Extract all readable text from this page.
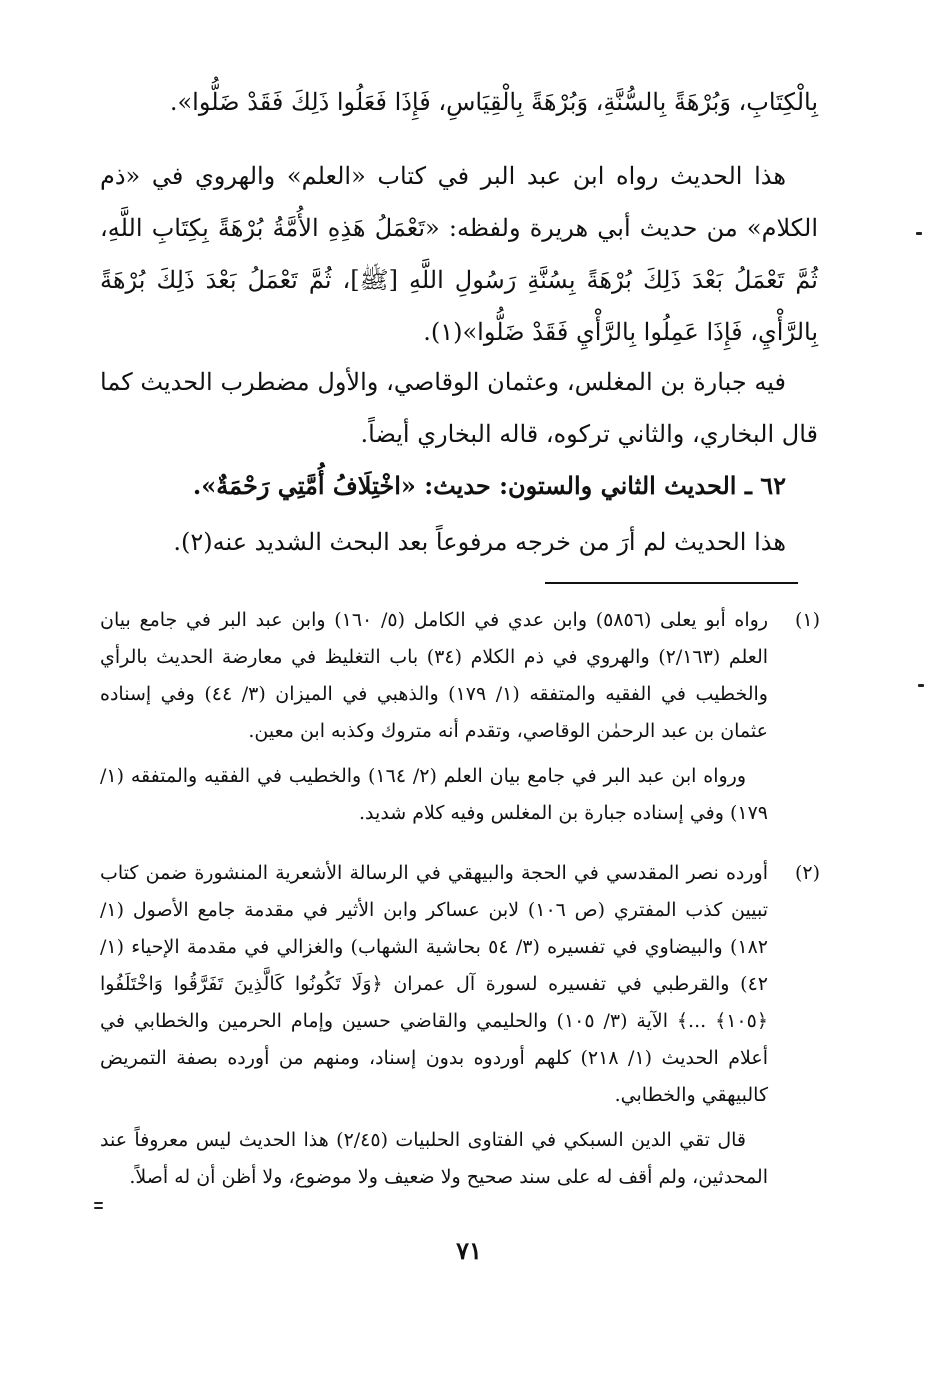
بِالْكِتَابِ، وَبُرْهَةً بِالسُّنَّةِ، وَبُرْهَةً بِالْقِيَاسِ، فَإِذَا فَعَلُوا ذَلِكَ فَقَدْ ضَلُّوا».

هذا الحديث رواه ابن عبد البر في كتاب «العلم» والهروي في «ذم الكلام» من حديث أبي هريرة ولفظه: «تَعْمَلُ هَذِهِ الأُمَّةُ بُرْهَةً بِكِتَابِ اللَّهِ، ثُمَّ تَعْمَلُ بَعْدَ ذَلِكَ بُرْهَةً بِسُنَّةِ رَسُولِ اللَّهِ [ﷺ]، ثُمَّ تَعْمَلُ بَعْدَ ذَلِكَ بُرْهَةً بِالرَّأْيِ، فَإِذَا عَمِلُوا بِالرَّأْيِ فَقَدْ ضَلُّوا»(١).

فيه جبارة بن المغلس، وعثمان الوقاصي، والأول مضطرب الحديث كما قال البخاري، والثاني تركوه، قاله البخاري أيضاً.

٦٢ ـ الحديث الثاني والستون: حديث: «اخْتِلَافُ أُمَّتِي رَحْمَةٌ».

هذا الحديث لم أرَ من خرجه مرفوعاً بعد البحث الشديد عنه(٢).

(١)
رواه أبو يعلى (٥٨٥٦) وابن عدي في الكامل (٥/ ١٦٠) وابن عبد البر في جامع بيان العلم (٢/١٦٣) والهروي في ذم الكلام (٣٤) باب التغليظ في معارضة الحديث بالرأي والخطيب في الفقيه والمتفقه (١/ ١٧٩) والذهبي في الميزان (٣/ ٤٤) وفي إسناده عثمان بن عبد الرحمٰن الوقاصي، وتقدم أنه متروك وكذبه ابن معين.
ورواه ابن عبد البر في جامع بيان العلم (٢/ ١٦٤) والخطيب في الفقيه والمتفقه (١/ ١٧٩) وفي إسناده جبارة بن المغلس وفيه كلام شديد.
(٢)
أورده نصر المقدسي في الحجة والبيهقي في الرسالة الأشعرية المنشورة ضمن كتاب تبيين كذب المفتري (ص ١٠٦) لابن عساكر وابن الأثير في مقدمة جامع الأصول (١/ ١٨٢) والبيضاوي في تفسيره (٣/ ٥٤ بحاشية الشهاب) والغزالي في مقدمة الإحياء (١/ ٤٢) والقرطبي في تفسيره لسورة آل عمران ﴿وَلَا تَكُونُوا كَالَّذِينَ تَفَرَّقُوا وَاخْتَلَفُوا ﴿١٠٥﴾ ...﴾ الآية (٣/ ١٠٥) والحليمي والقاضي حسين وإمام الحرمين والخطابي في أعلام الحديث (١/ ٢١٨) كلهم أوردوه بدون إسناد، ومنهم من أورده بصفة التمريض كالبيهقي والخطابي.
قال تقي الدين السبكي في الفتاوى الحلبيات (٢/٤٥) هذا الحديث ليس معروفاً عند المحدثين، ولم أقف له على سند صحيح ولا ضعيف ولا موضوع، ولا أظن أن له أصلاً.
٧١
